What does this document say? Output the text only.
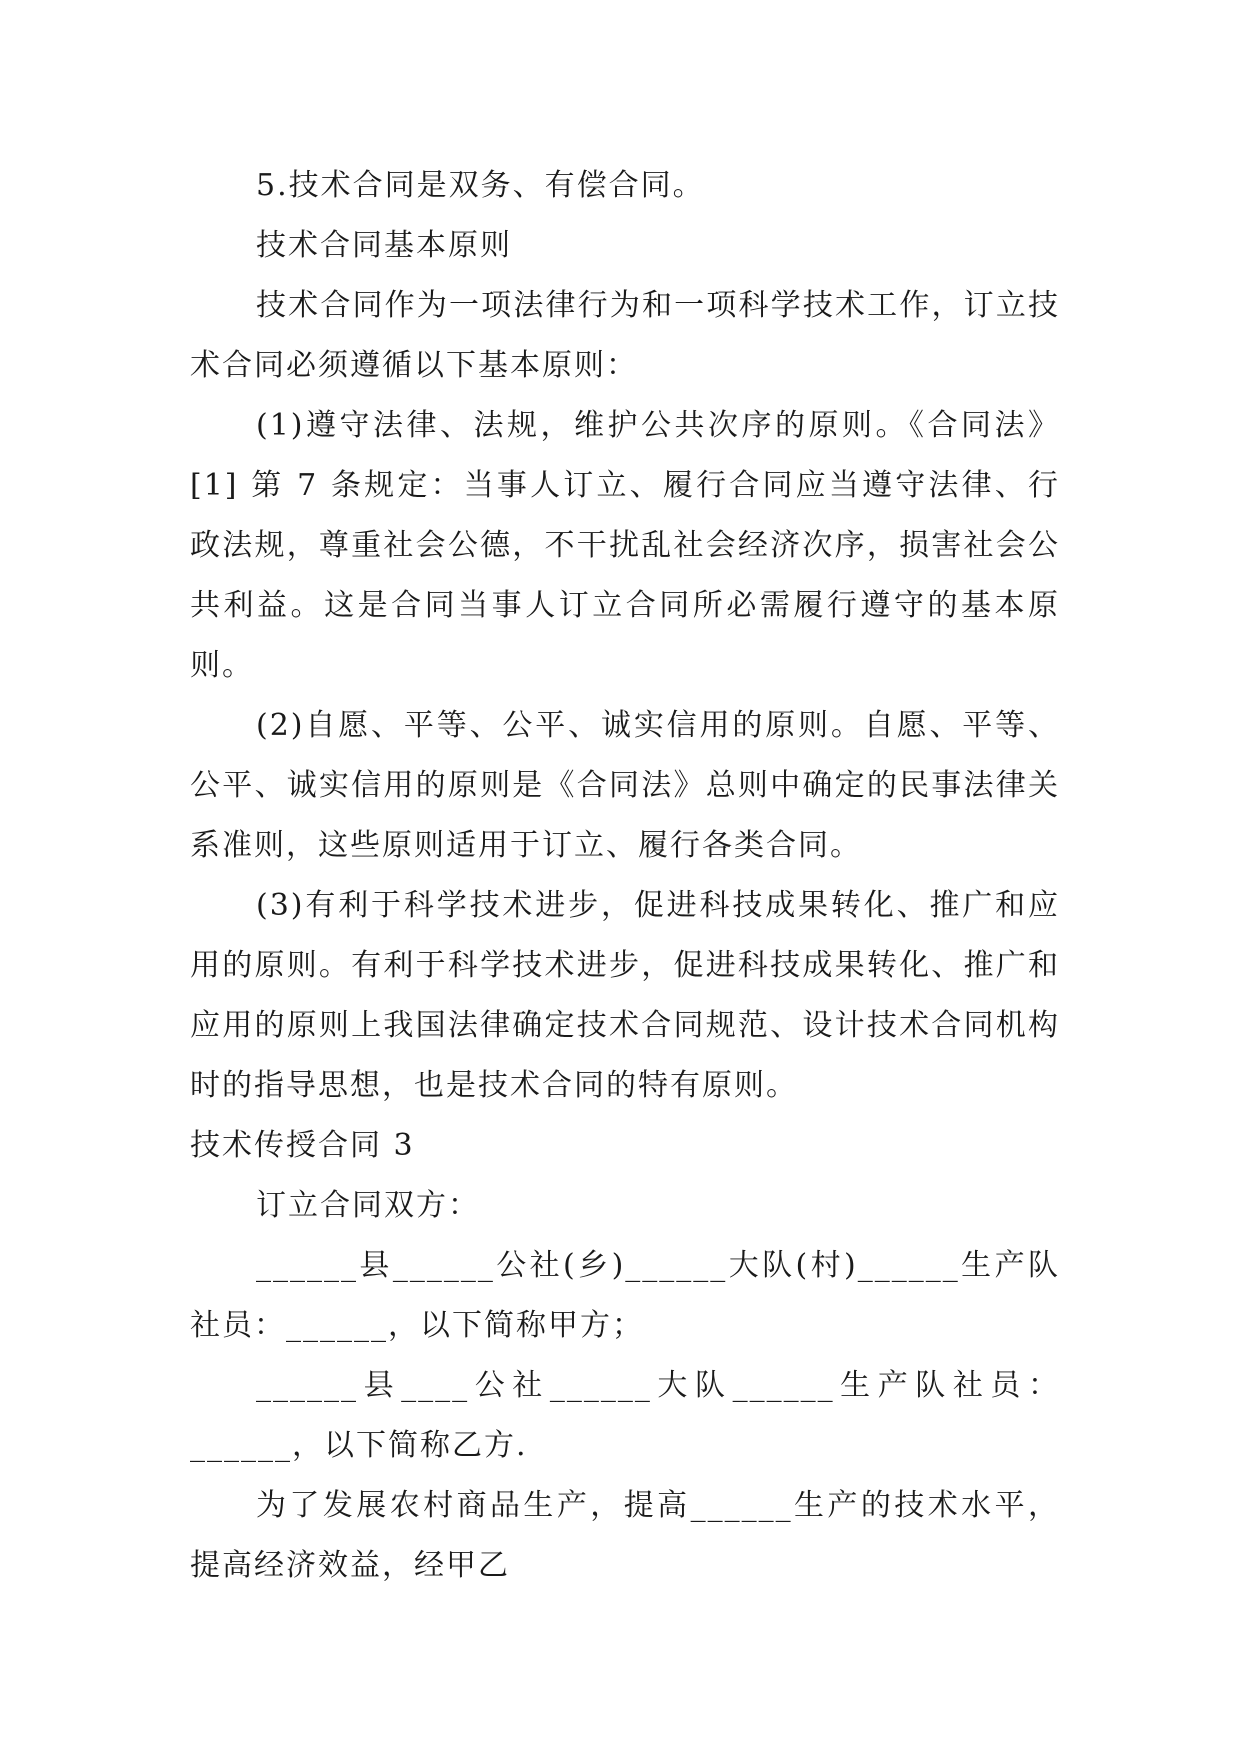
5.技术合同是双务、有偿合同。

技术合同基本原则

技术合同作为一项法律行为和一项科学技术工作，订立技术合同必须遵循以下基本原则：

(1)遵守法律、法规，维护公共次序的原则。《合同法》[1] 第 7 条规定：当事人订立、履行合同应当遵守法律、行政法规，尊重社会公德，不干扰乱社会经济次序，损害社会公共利益。这是合同当事人订立合同所必需履行遵守的基本原则。

(2)自愿、平等、公平、诚实信用的原则。自愿、平等、公平、诚实信用的原则是《合同法》总则中确定的民事法律关系准则，这些原则适用于订立、履行各类合同。

(3)有利于科学技术进步，促进科技成果转化、推广和应用的原则。有利于科学技术进步，促进科技成果转化、推广和应用的原则上我国法律确定技术合同规范、设计技术合同机构时的指导思想，也是技术合同的特有原则。

技术传授合同 3

订立合同双方：

______县______公社(乡)______大队(村)______生产队社员：______，以下简称甲方；

______县____公社______大队______生产队社员：______，以下简称乙方.

为了发展农村商品生产，提高______生产的技术水平，提高经济效益，经甲乙
